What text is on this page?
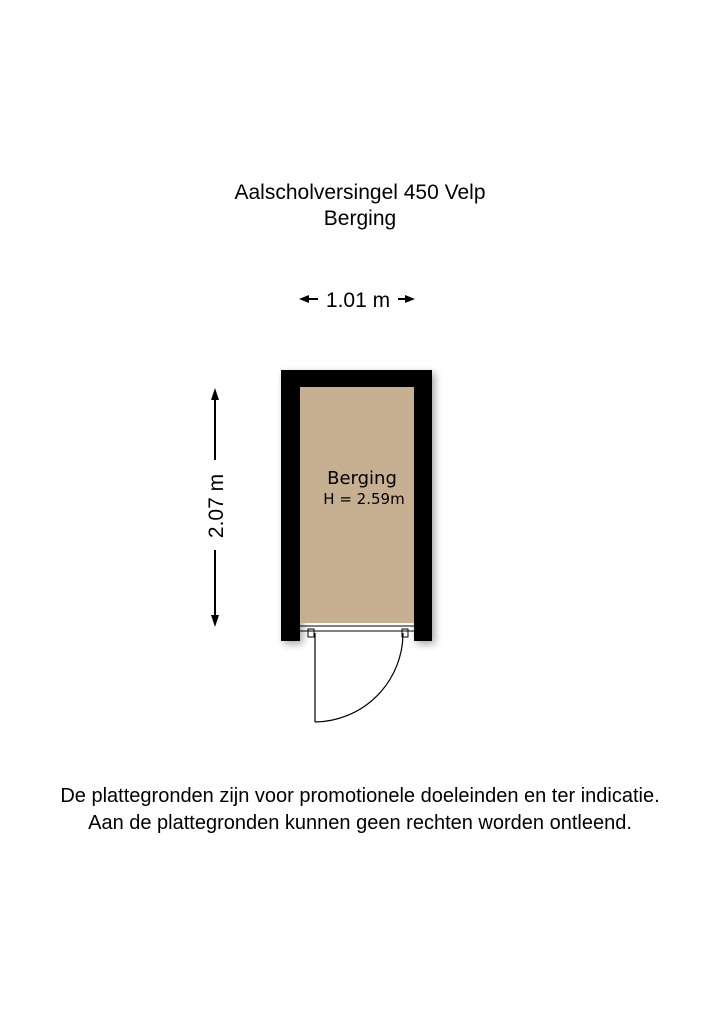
Aalscholversingel 450 Velp
Berging
1.01 m
2.07 m	Berging
H = 2.59m
De plattegronden zijn voor promotionele doeleinden en ter indicatie.
Aan de plattegronden kunnen geen rechten worden ontleend.
